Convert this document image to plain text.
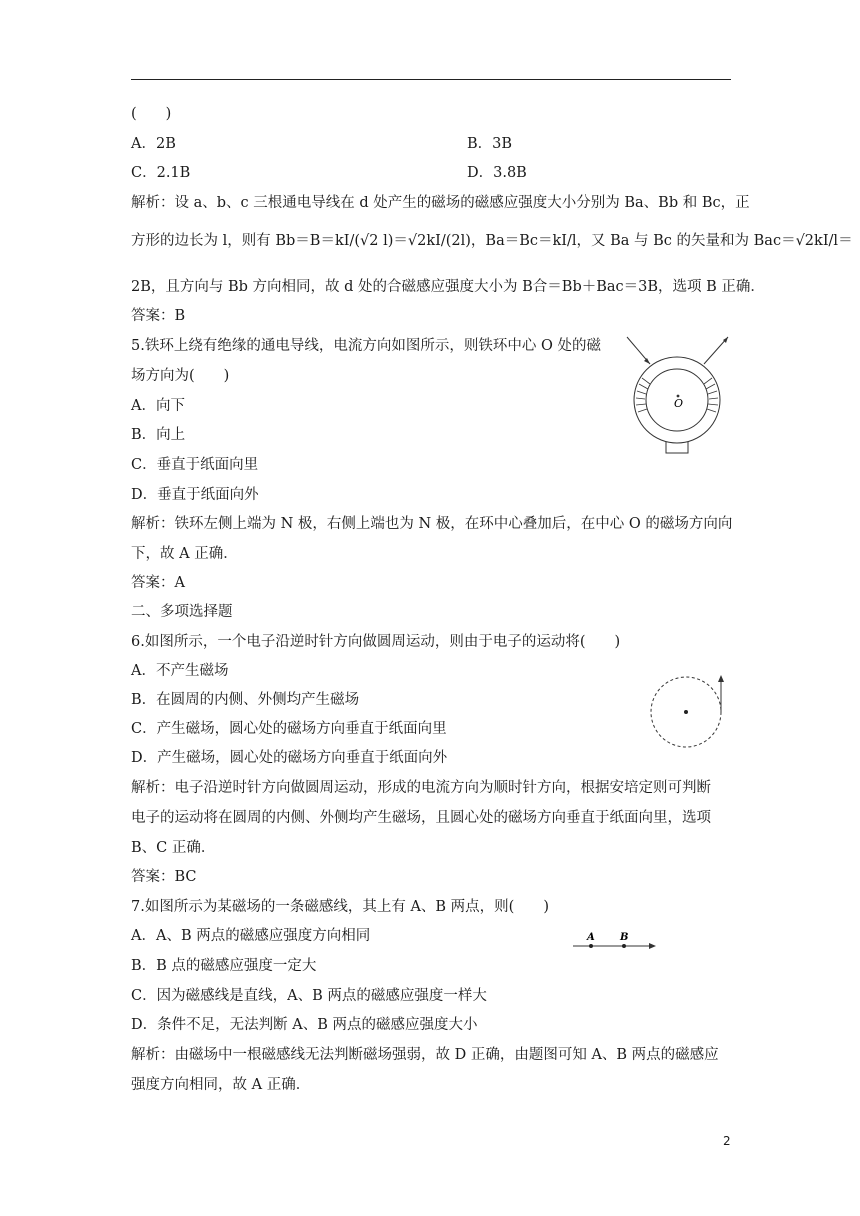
(　　)
A．2B	B．3B
C．2.1B	D．3.8B
解析：设 a、b、c 三根通电导线在 d 处产生的磁场的磁感应强度大小分别为 Ba、Bb 和 Bc，正
方形的边长为 l，则有 Bb＝B＝kI/(√2 l)＝√2kI/(2l)，Ba＝Bc＝kI/l，又 Ba 与 Bc 的矢量和为 Bac＝√2kI/l＝
2B，且方向与 Bb 方向相同，故 d 处的合磁感应强度大小为 B合＝Bb＋Bac＝3B，选项 B 正确．
答案：B
5.铁环上绕有绝缘的通电导线，电流方向如图所示，则铁环中心 O 处的磁
场方向为(　　)
A．向下
B．向上
C．垂直于纸面向里
D．垂直于纸面向外
解析：铁环左侧上端为 N 极，右侧上端也为 N 极，在环中心叠加后，在中心 O 的磁场方向向
下，故 A 正确．
答案：A
O
二、多项选择题
6.如图所示，一个电子沿逆时针方向做圆周运动，则由于电子的运动将(　　)
A．不产生磁场
B．在圆周的内侧、外侧均产生磁场
C．产生磁场，圆心处的磁场方向垂直于纸面向里
D．产生磁场，圆心处的磁场方向垂直于纸面向外
解析：电子沿逆时针方向做圆周运动，形成的电流方向为顺时针方向，根据安培定则可判断
电子的运动将在圆周的内侧、外侧均产生磁场，且圆心处的磁场方向垂直于纸面向里，选项
B、C 正确．
答案：BC
7.如图所示为某磁场的一条磁感线，其上有 A、B 两点，则(　　)
A．A、B 两点的磁感应强度方向相同
B．B 点的磁感应强度一定大
C．因为磁感线是直线，A、B 两点的磁感应强度一样大
D．条件不足，无法判断 A、B 两点的磁感应强度大小
解析：由磁场中一根磁感线无法判断磁场强弱，故 D 正确，由题图可知 A、B 两点的磁感应
强度方向相同，故 A 正确．
A	B
2
